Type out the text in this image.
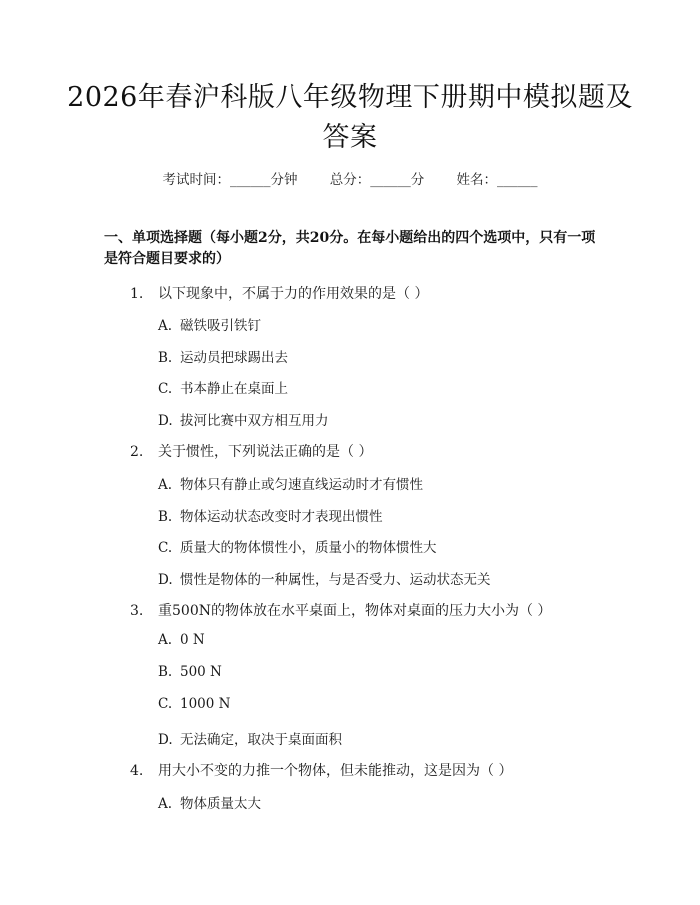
2026年春沪科版八年级物理下册期中模拟题及答案
考试时间：______分钟 总分：______分 姓名：______
一、单项选择题（每小题2分，共20分。在每小题给出的四个选项中，只有一项是符合题目要求的）
1. 以下现象中，不属于力的作用效果的是（ ）
A. 磁铁吸引铁钉
B. 运动员把球踢出去
C. 书本静止在桌面上
D. 拔河比赛中双方相互用力
2. 关于惯性，下列说法正确的是（ ）
A. 物体只有静止或匀速直线运动时才有惯性
B. 物体运动状态改变时才表现出惯性
C. 质量大的物体惯性小，质量小的物体惯性大
D. 惯性是物体的一种属性，与是否受力、运动状态无关
3. 重500N的物体放在水平桌面上，物体对桌面的压力大小为（ ）
A. 0 N
B. 500 N
C. 1000 N
D. 无法确定，取决于桌面面积
4. 用大小不变的力推一个物体，但未能推动，这是因为（ ）
A. 物体质量太大
